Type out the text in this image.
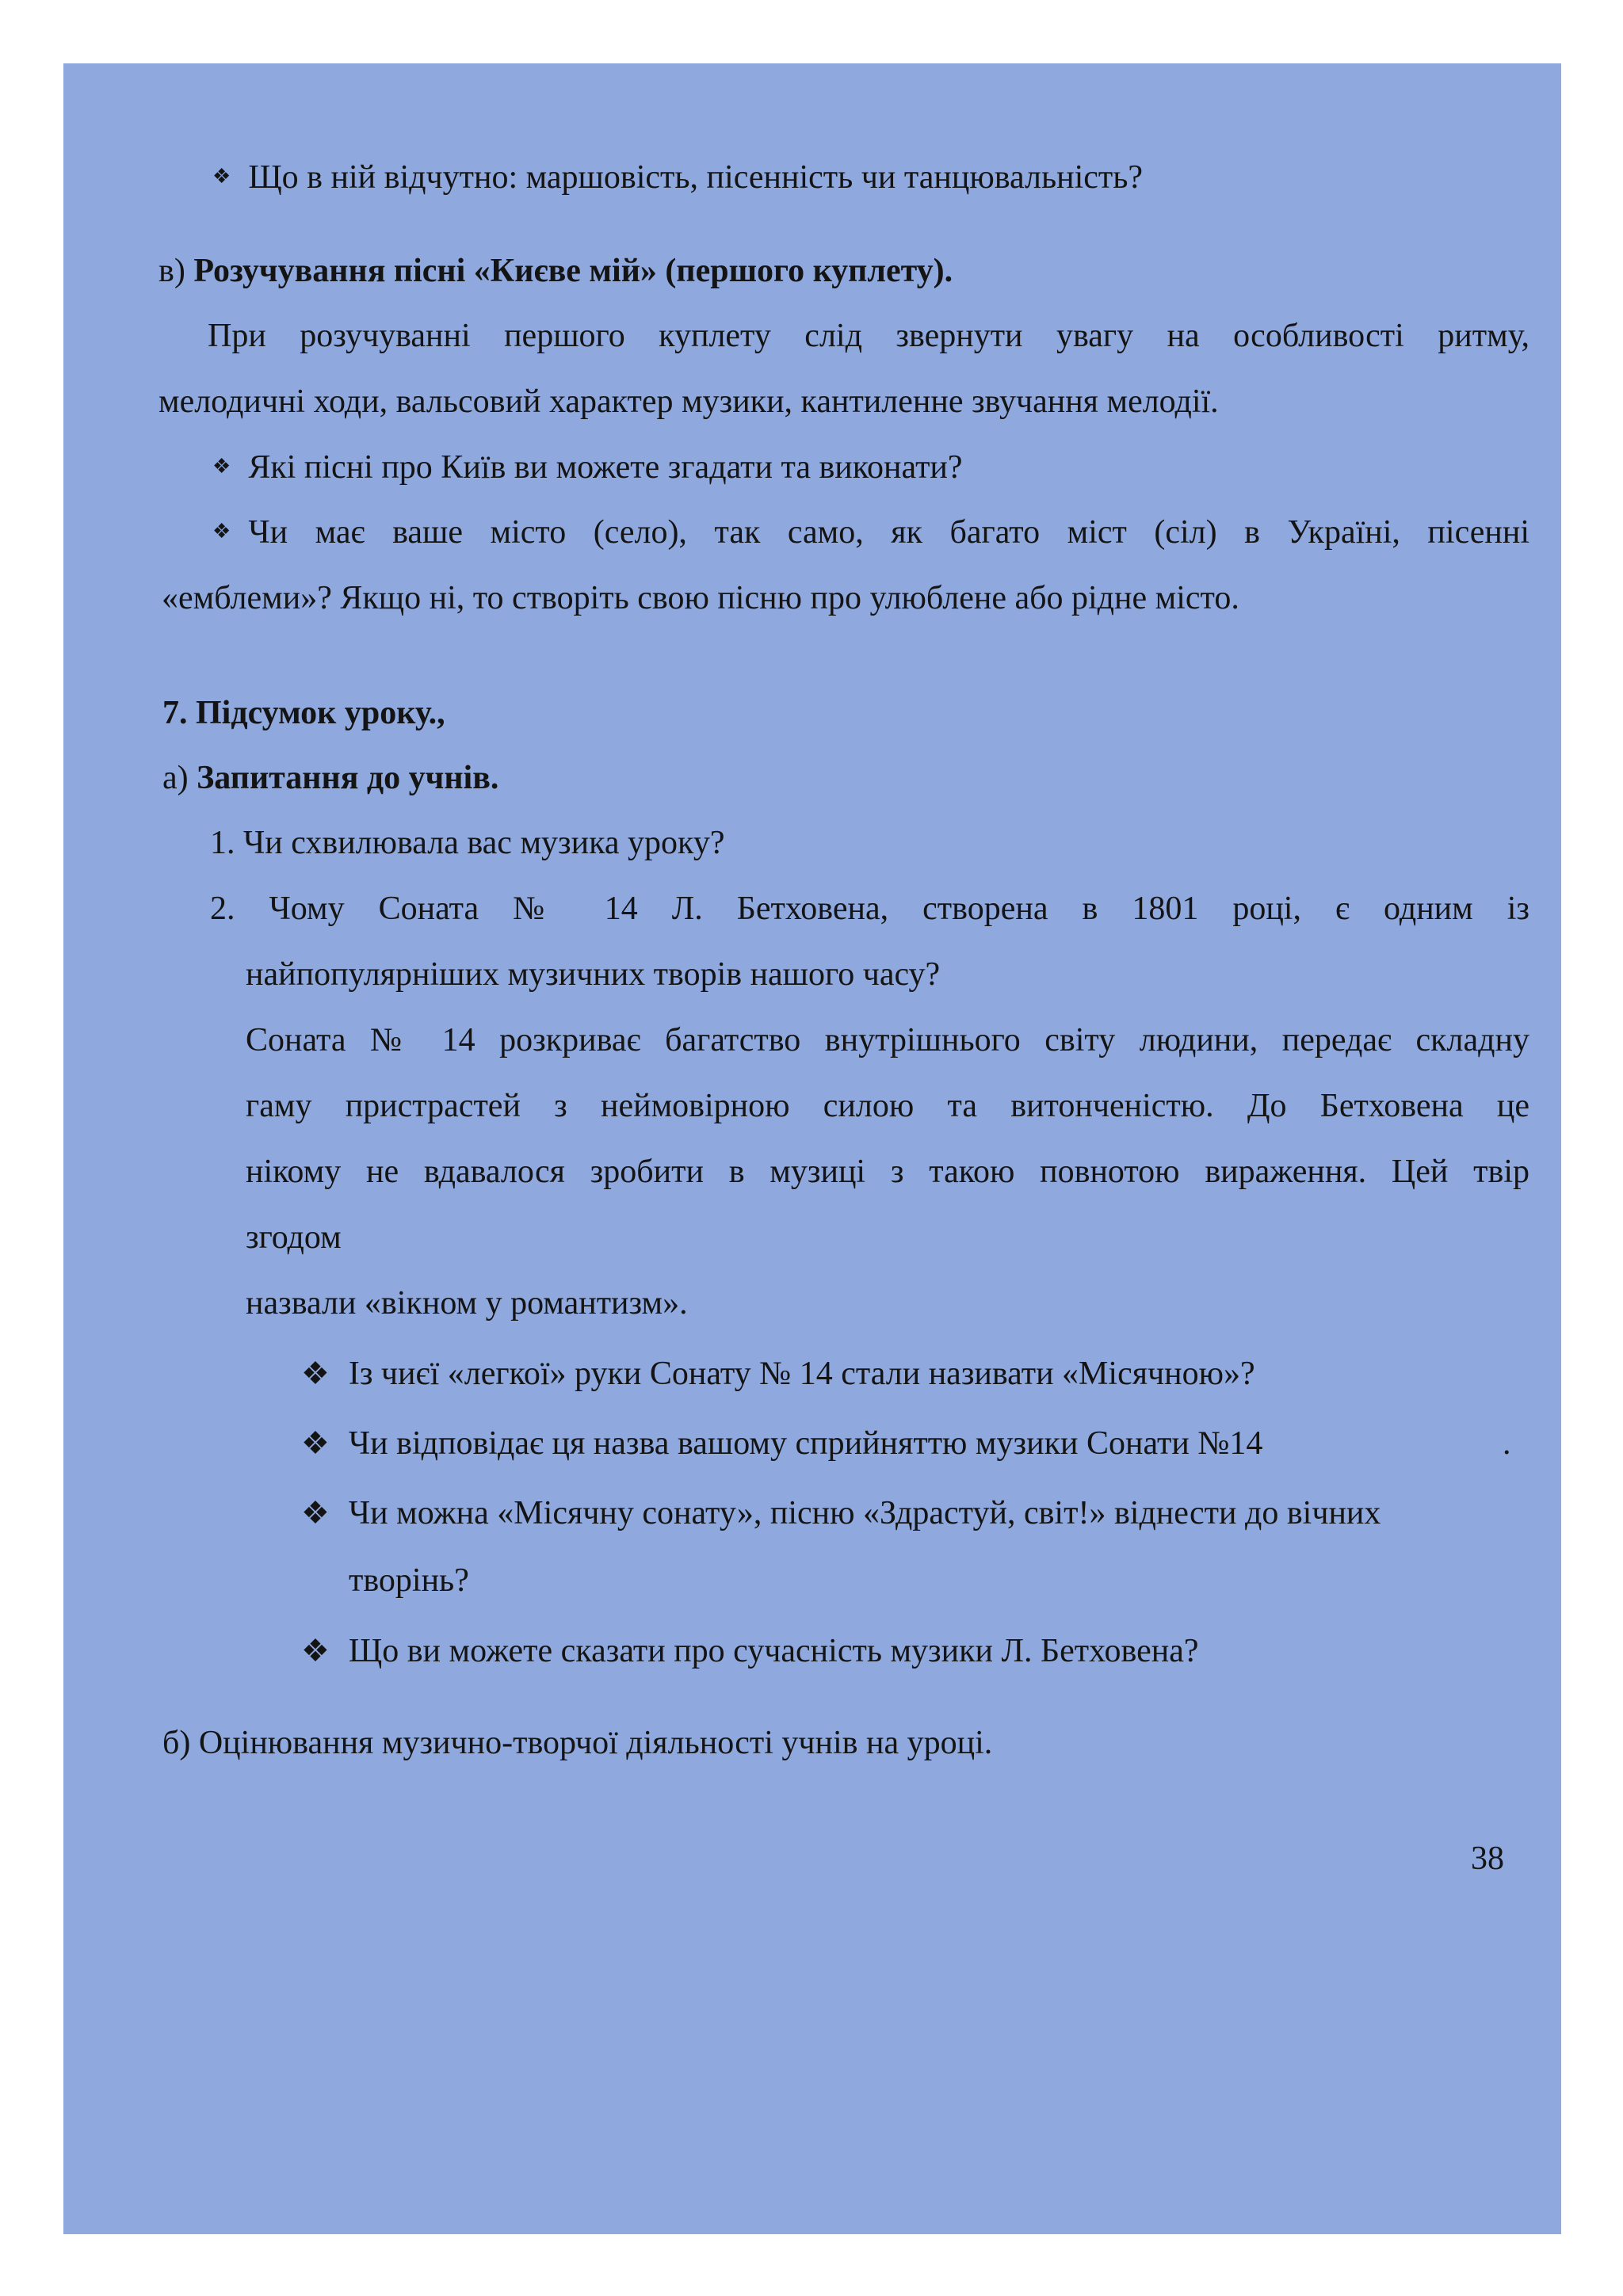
❖ Що в ній відчутно: маршовість, пісенність чи танцювальність?
в) Розучування пісні «Києве мій» (першого куплету).
При розучуванні першого куплету слід звернути увагу на особливості ритму,
мелодичні ходи, вальсовий характер музики, кантиленне звучання мелодії.
❖ Які пісні про Київ ви можете згадати та виконати?
❖ Чи має ваше місто (село), так само, як багато міст (сіл) в Україні, пісенні
«емблеми»? Якщо ні, то створіть свою пісню про улюблене або рідне місто.
7. Підсумок уроку.,
а) Запитання до учнів.
1. Чи схвилювала вас музика уроку?
2. Чому Соната № 14 Л. Бетховена, створена в 1801 році, є одним із
найпопулярніших музичних творів нашого часу?
Соната № 14 розкриває багатство внутрішнього світу людини, передає складну
гаму пристрастей з неймовірною силою та витонченістю. До Бетховена це
нікому не вдавалося зробити в музиці з такою повнотою вираження. Цей твір
згодом
назвали «вікном у романтизм».
❖ Із чиєї «легкої» руки Сонату № 14 стали називати «Місячною»?
❖ Чи відповідає ця назва вашому сприйняттю музики Сонати №14	.
❖ Чи можна «Місячну сонату», пісню «Здрастуй, світ!» віднести до вічних
творінь?
❖ Що ви можете сказати про сучасність музики Л. Бетховена?
б) Оцінювання музично-творчої діяльності учнів на уроці.
38
